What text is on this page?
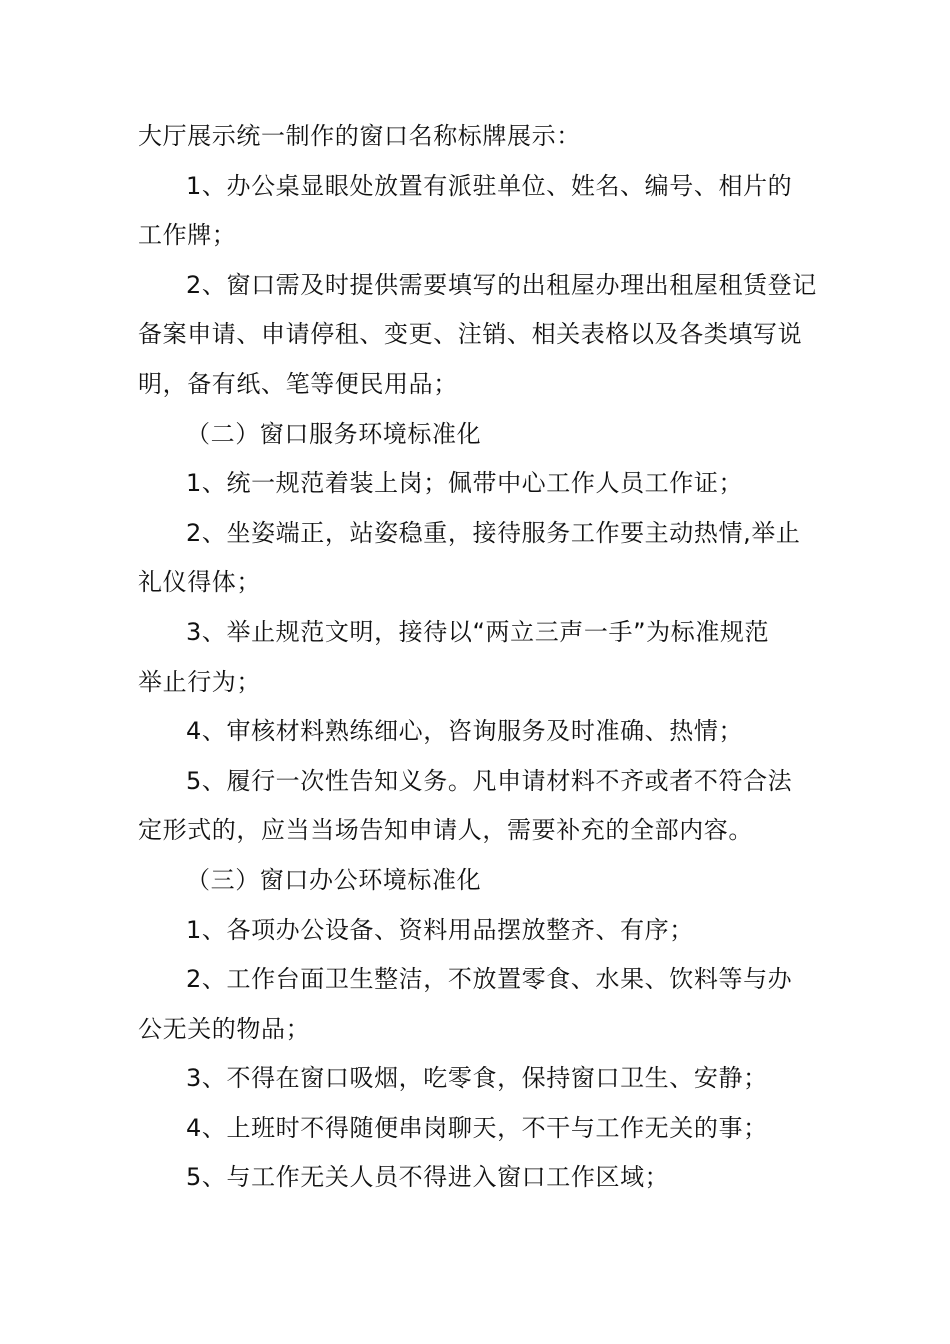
大厅展示统一制作的窗口名称标牌展示：

1、办公桌显眼处放置有派驻单位、姓名、编号、相片的

工作牌；

2、窗口需及时提供需要填写的出租屋办理出租屋租赁登记

备案申请、申请停租、变更、注销、相关表格以及各类填写说

明，备有纸、笔等便民用品；

（二）窗口服务环境标准化

1、统一规范着装上岗；佩带中心工作人员工作证；

2、坐姿端正，站姿稳重，接待服务工作要主动热情,举止

礼仪得体；

3、举止规范文明，接待以“两立三声一手”为标准规范

举止行为；

4、审核材料熟练细心，咨询服务及时准确、热情；

5、履行一次性告知义务。凡申请材料不齐或者不符合法

定形式的，应当当场告知申请人，需要补充的全部内容。

（三）窗口办公环境标准化

1、各项办公设备、资料用品摆放整齐、有序；

2、工作台面卫生整洁，不放置零食、水果、饮料等与办

公无关的物品；

3、不得在窗口吸烟，吃零食，保持窗口卫生、安静；

4、上班时不得随便串岗聊天，不干与工作无关的事；

5、与工作无关人员不得进入窗口工作区域；
